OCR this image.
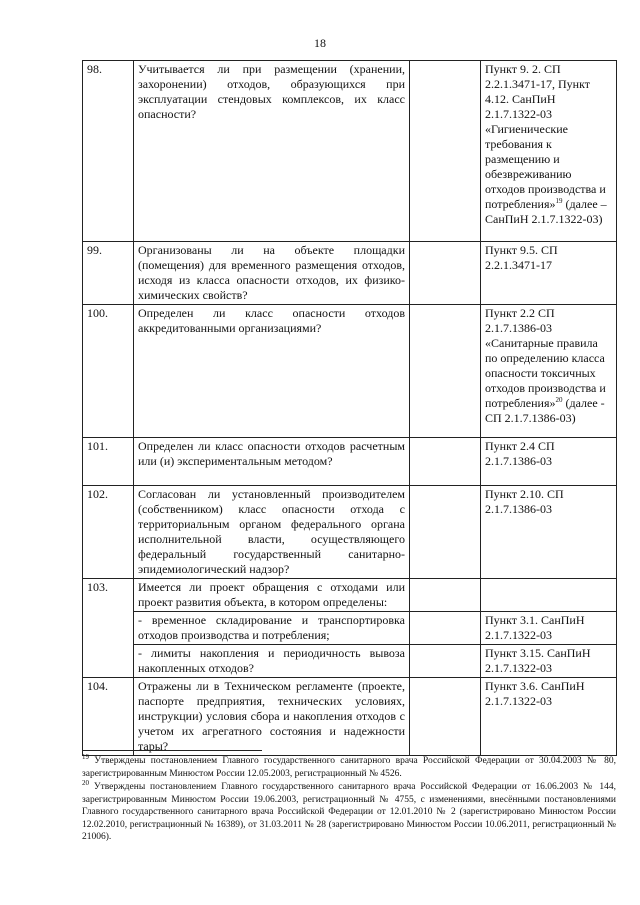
18
98.	Учитывается ли при размещении (хранении, захоронении) отходов, образующихся при эксплуатации стендовых комплексов, их класс опасности?		Пункт 9. 2. СП 2.2.1.3471-17, Пункт 4.12. СанПиН 2.1.7.1322-03 «Гигиенические требования к размещению и обезвреживанию отходов производства и потребления»$^{19}$ (далее – СанПиН 2.1.7.1322-03)
99.	Организованы ли на объекте площадки (помещения) для временного размещения отходов, исходя из класса опасности отходов, их физико-химических свойств?		Пункт 9.5. СП 2.2.1.3471-17
100.	Определен ли класс опасности отходов аккредитованными организациями?		Пункт 2.2 СП 2.1.7.1386-03 «Санитарные правила по определению класса опасности токсичных отходов производства и потребления»$^{20}$ (далее - СП 2.1.7.1386-03)
101.	Определен ли класс опасности отходов расчетным или (и) экспериментальным методом?		Пункт 2.4 СП 2.1.7.1386-03
102.	Согласован ли установленный производителем (собственником) класс опасности отхода с территориальным органом федерального органа исполнительной власти, осуществляющего федеральный государственный санитарно-эпидемиологический надзор?		Пункт 2.10. СП 2.1.7.1386-03
103.	Имеется ли проект обращения с отходами или проект развития объекта, в котором определены:		
	- временное складирование и транспортировка отходов производства и потребления;		Пункт 3.1. СанПиН 2.1.7.1322-03
	- лимиты накопления и периодичность вывоза накопленных отходов?		Пункт 3.15. СанПиН 2.1.7.1322-03
104.	Отражены ли в Техническом регламенте (проекте, паспорте предприятия, технических условиях, инструкции) условия сбора и накопления отходов с учетом их агрегатного состояния и надежности тары?		Пункт 3.6. СанПиН 2.1.7.1322-03

$^{19}$ Утверждены постановлением Главного государственного санитарного врача Российской Федерации от 30.04.2003 № 80, зарегистрированным Минюстом России 12.05.2003, регистрационный № 4526.

$^{20}$ Утверждены постановлением Главного государственного санитарного врача Российской Федерации от 16.06.2003 № 144, зарегистрированным Минюстом России 19.06.2003, регистрационный № 4755, с изменениями, внесёнными постановлениями Главного государственного санитарного врача Российской Федерации от 12.01.2010 № 2 (зарегистрировано Минюстом России 12.02.2010, регистрационный № 16389), от 31.03.2011 № 28 (зарегистрировано Минюстом России 10.06.2011, регистрационный № 21006).
